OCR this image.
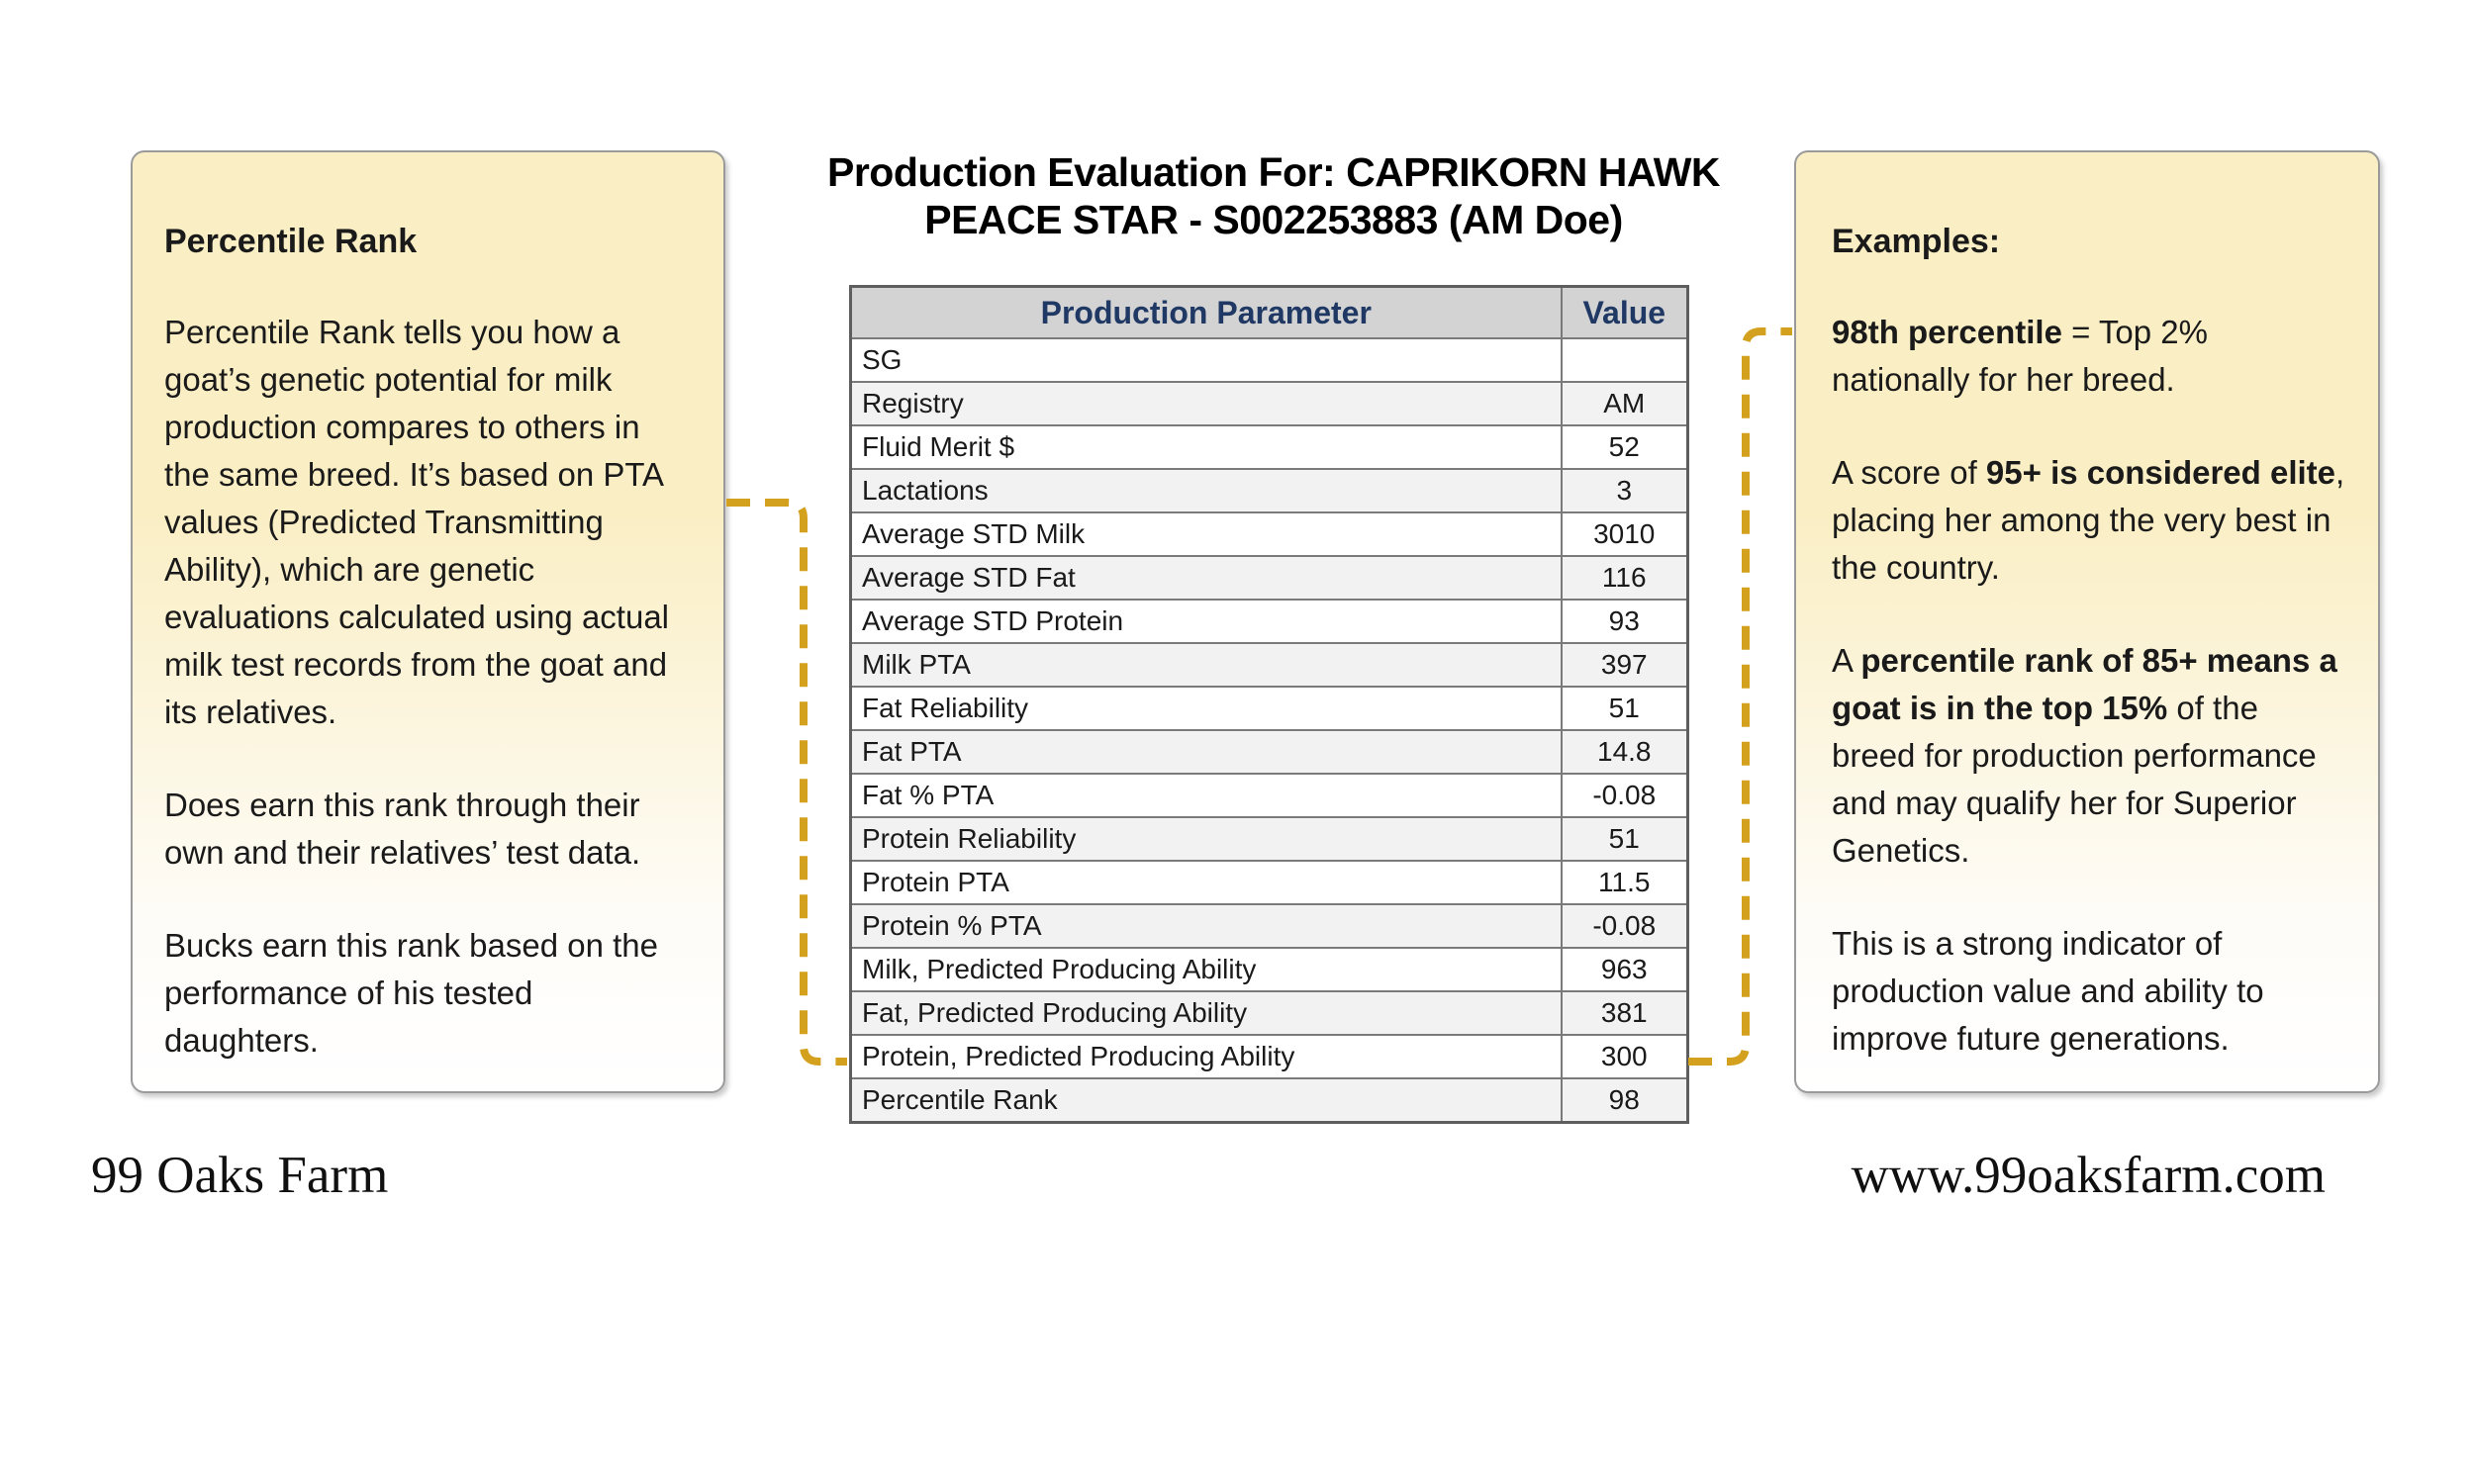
Percentile Rank

Percentile Rank tells you how a goat’s genetic potential for milk production compares to others in the same breed. It’s based on PTA values (Predicted Transmitting Ability), which are genetic evaluations calculated using actual milk test records from the goat and its relatives.

Does earn this rank through their own and their relatives’ test data.

Bucks earn this rank based on the performance of his tested daughters.

Production Evaluation For: CAPRIKORN HAWK
PEACE STAR - S002253883 (AM Doe)
Production Parameter	Value
SG	
Registry	AM
Fluid Merit $	52
Lactations	3
Average STD Milk	3010
Average STD Fat	116
Average STD Protein	93
Milk PTA	397
Fat Reliability	51
Fat PTA	14.8
Fat % PTA	-0.08
Protein Reliability	51
Protein PTA	11.5
Protein % PTA	-0.08
Milk, Predicted Producing Ability	963
Fat, Predicted Producing Ability	381
Protein, Predicted Producing Ability	300
Percentile Rank	98
Examples:

98th percentile = Top 2% nationally for her breed.

A score of 95+ is considered elite, placing her among the very best in the country.

A percentile rank of 85+ means a goat is in the top 15% of the breed for production performance and may qualify her for Superior Genetics.

This is a strong indicator of production value and ability to improve future generations.

99 Oaks Farm	www.99oaksfarm.com
